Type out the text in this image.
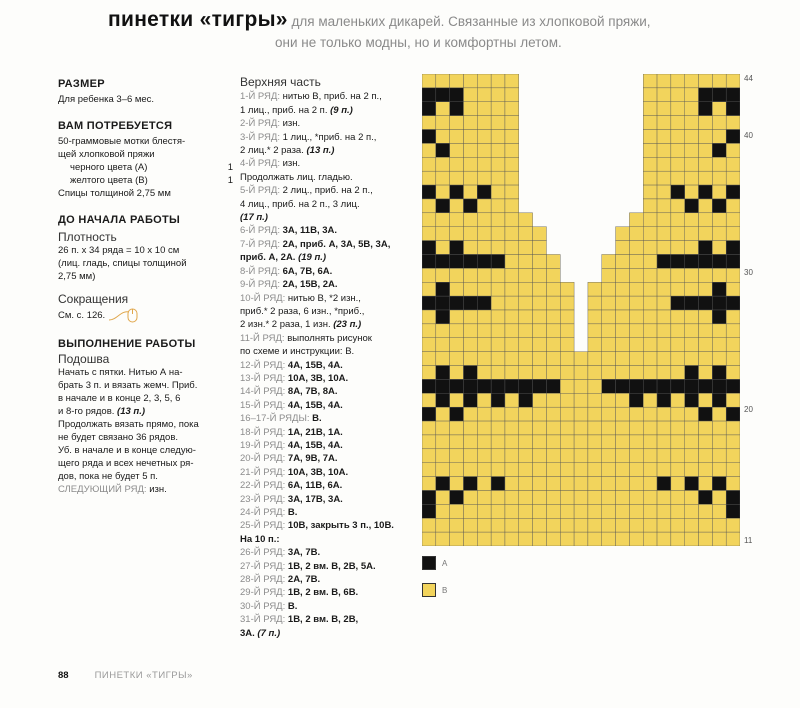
пинетки «тигры» для маленьких дикарей. Связанные из хлопковой пряжи,
они не только модны, но и комфортны летом.
РАЗМЕР

Для ребенка 3–6 мес.

ВАМ ПОТРЕБУЕТСЯ

50-граммовые мотки блестя-

щей хлопковой пряжи

черного цвета (А)	1
желтого цвета (В)	1

Спицы толщиной 2,75 мм

ДО НАЧАЛА РАБОТЫ
Плотность

26 п. x 34 ряда = 10 x 10 см

(лиц. гладь, спицы толщиной

2,75 мм)

Сокращения

См. с. 126.

ВЫПОЛНЕНИЕ РАБОТЫ
Подошва

Начать с пятки. Нитью А на-

брать 3 п. и вязать жемч. Приб.

в начале и в конце 2, 3, 5, 6

и 8-го рядов. (13 п.)

Продолжать вязать прямо, пока

не будет связано 36 рядов.

Уб. в начале и в конце следую-

щего ряда и всех нечетных ря-

дов, пока не будет 5 п.

СЛЕДУЮЩИЙ РЯД: изн.

Верхняя часть
1-Й РЯД: нитью В, приб. на 2 п.,
1 лиц., приб. на 2 п. (9 п.)
2-Й РЯД: изн.
3-Й РЯД: 1 лиц., *приб. на 2 п.,
2 лиц.* 2 раза. (13 п.)
4-Й РЯД: изн.
Продолжать лиц. гладью.
5-Й РЯД: 2 лиц., приб. на 2 п.,
4 лиц., приб. на 2 п., 3 лиц.
(17 п.)
6-Й РЯД: 3А, 11В, 3А.
7-Й РЯД: 2А, приб. А, 3А, 5В, 3А,
приб. А, 2А. (19 п.)
8-Й РЯД: 6А, 7В, 6А.
9-Й РЯД: 2А, 15В, 2А.
10-Й РЯД: нитью В, *2 изн.,
приб.* 2 раза, 6 изн., *приб.,
2 изн.* 2 раза, 1 изн. (23 п.)
11-Й РЯД: выполнять рисунок
по схеме и инструкции: В.
12-Й РЯД: 4А, 15В, 4А.
13-Й РЯД: 10А, 3В, 10А.
14-Й РЯД: 8А, 7В, 8А.
15-Й РЯД: 4А, 15В, 4А.
16–17-Й РЯДЫ: В.
18-Й РЯД: 1А, 21В, 1А.
19-Й РЯД: 4А, 15В, 4А.
20-Й РЯД: 7А, 9В, 7А.
21-Й РЯД: 10А, 3В, 10А.
22-Й РЯД: 6А, 11В, 6А.
23-Й РЯД: 3А, 17В, 3А.
24-Й РЯД: В.
25-Й РЯД: 10В, закрыть 3 п., 10В.
На 10 п.:
26-Й РЯД: 3А, 7В.
27-Й РЯД: 1В, 2 вм. В, 2В, 5А.
28-Й РЯД: 2А, 7В.
29-Й РЯД: 1В, 2 вм. В, 6В.
30-Й РЯД: В.
31-Й РЯД: 1В, 2 вм. В, 2В,
3А. (7 п.)
44
40
30
20
11
А
В
88	ПИНЕТКИ «ТИГРЫ»
